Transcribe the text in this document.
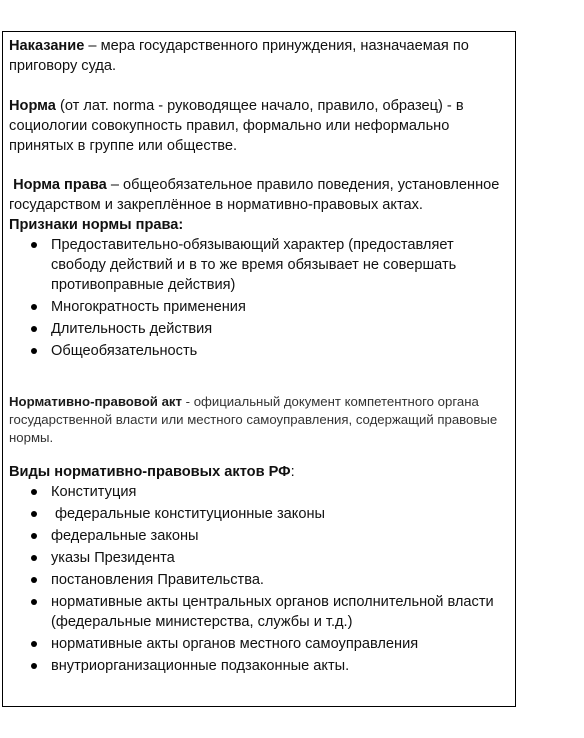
Наказание – мера государственного принуждения, назначаемая по приговору суда.

Норма (от лат. norma - руководящее начало, правило, образец) - в социологии совокупность правил, формально или неформально принятых в группе или обществе.

Норма права – общеобязательное правило поведения, установленное государством и закреплённое в нормативно-правовых актах.

Признаки нормы права:

Предоставительно-обязывающий характер (предоставляет свободу действий и в то же время обязывает не совершать противоправные действия)
Многократность применения
Длительность действия
Общеобязательность

Нормативно-правовой акт - официальный документ компетентного органа государственной власти или местного самоуправления, содержащий правовые нормы.

Виды нормативно-правовых актов РФ:

Конституция
федеральные конституционные законы
федеральные законы
указы Президента
постановления Правительства.
нормативные акты центральных органов исполнительной власти (федеральные министерства, службы и т.д.)
нормативные акты органов местного самоуправления
внутриорганизационные подзаконные акты.
